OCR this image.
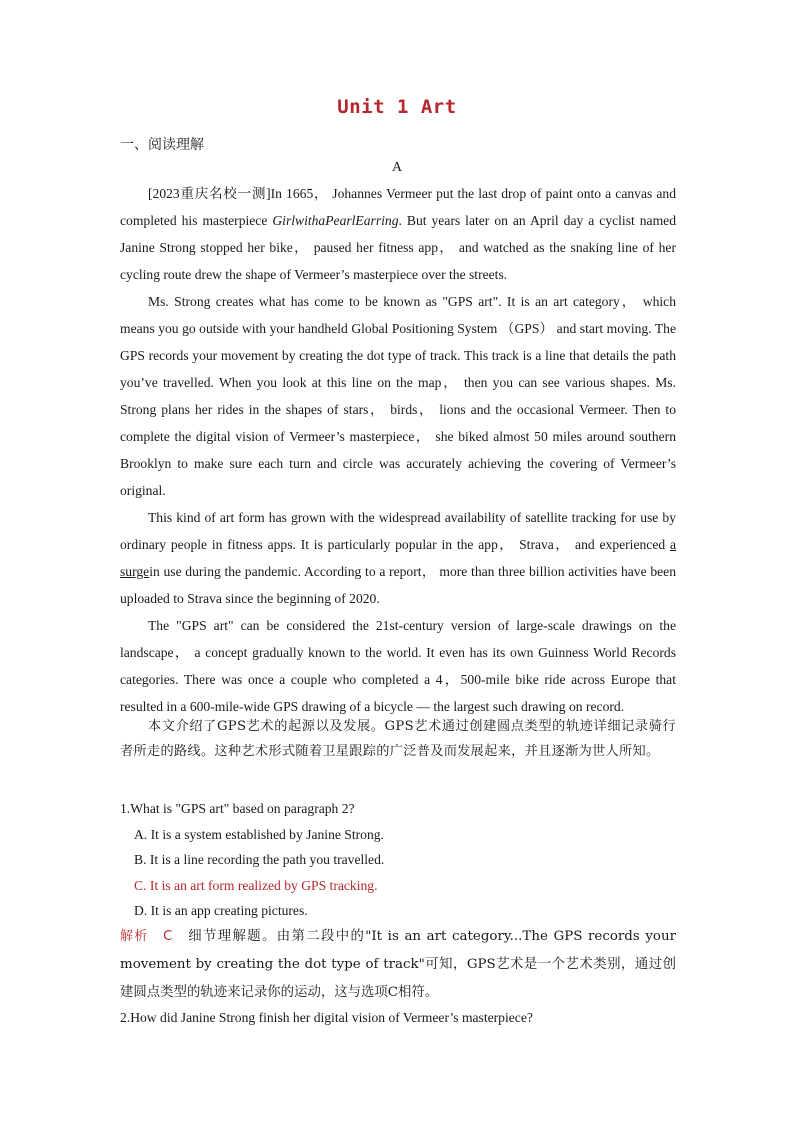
Unit 1 Art
一、阅读理解
A

[2023重庆名校一测]In 1665， Johannes Vermeer put the last drop of paint onto a canvas and completed his masterpiece GirlwithaPearlEarring. But years later on an April day a cyclist named Janine Strong stopped her bike， paused her fitness app， and watched as the snaking line of her cycling route drew the shape of Vermeer’s masterpiece over the streets.

Ms. Strong creates what has come to be known as "GPS art". It is an art category， which means you go outside with your handheld Global Positioning System （GPS） and start moving. The GPS records your movement by creating the dot type of track. This track is a line that details the path you’ve travelled. When you look at this line on the map， then you can see various shapes. Ms. Strong plans her rides in the shapes of stars， birds， lions and the occasional Vermeer. Then to complete the digital vision of Vermeer’s masterpiece， she biked almost 50 miles around southern Brooklyn to make sure each turn and circle was accurately achieving the covering of Vermeer’s original.

This kind of art form has grown with the widespread availability of satellite tracking for use by ordinary people in fitness apps. It is particularly popular in the app， Strava， and experienced a surgein use during the pandemic. According to a report， more than three billion activities have been uploaded to Strava since the beginning of 2020.

The "GPS art" can be considered the 21st-century version of large-scale drawings on the landscape， a concept gradually known to the world. It even has its own Guinness World Records categories. There was once a couple who completed a 4，500-mile bike ride across Europe that resulted in a 600-mile-wide GPS drawing of a bicycle — the largest such drawing on record.

本文介绍了GPS艺术的起源以及发展。GPS艺术通过创建圆点类型的轨迹详细记录骑行者所走的路线。这种艺术形式随着卫星跟踪的广泛普及而发展起来，并且逐渐为世人所知。
1.What is "GPS art" based on paragraph 2?
A. It is a system established by Janine Strong.
B. It is a line recording the path you travelled.
C. It is an art form realized by GPS tracking.
D. It is an app creating pictures.
解析　C　细节理解题。由第二段中的"It is an art category...The GPS records your movement by creating the dot type of track"可知，GPS艺术是一个艺术类别，通过创建圆点类型的轨迹来记录你的运动，这与选项C相符。
2.How did Janine Strong finish her digital vision of Vermeer’s masterpiece?
